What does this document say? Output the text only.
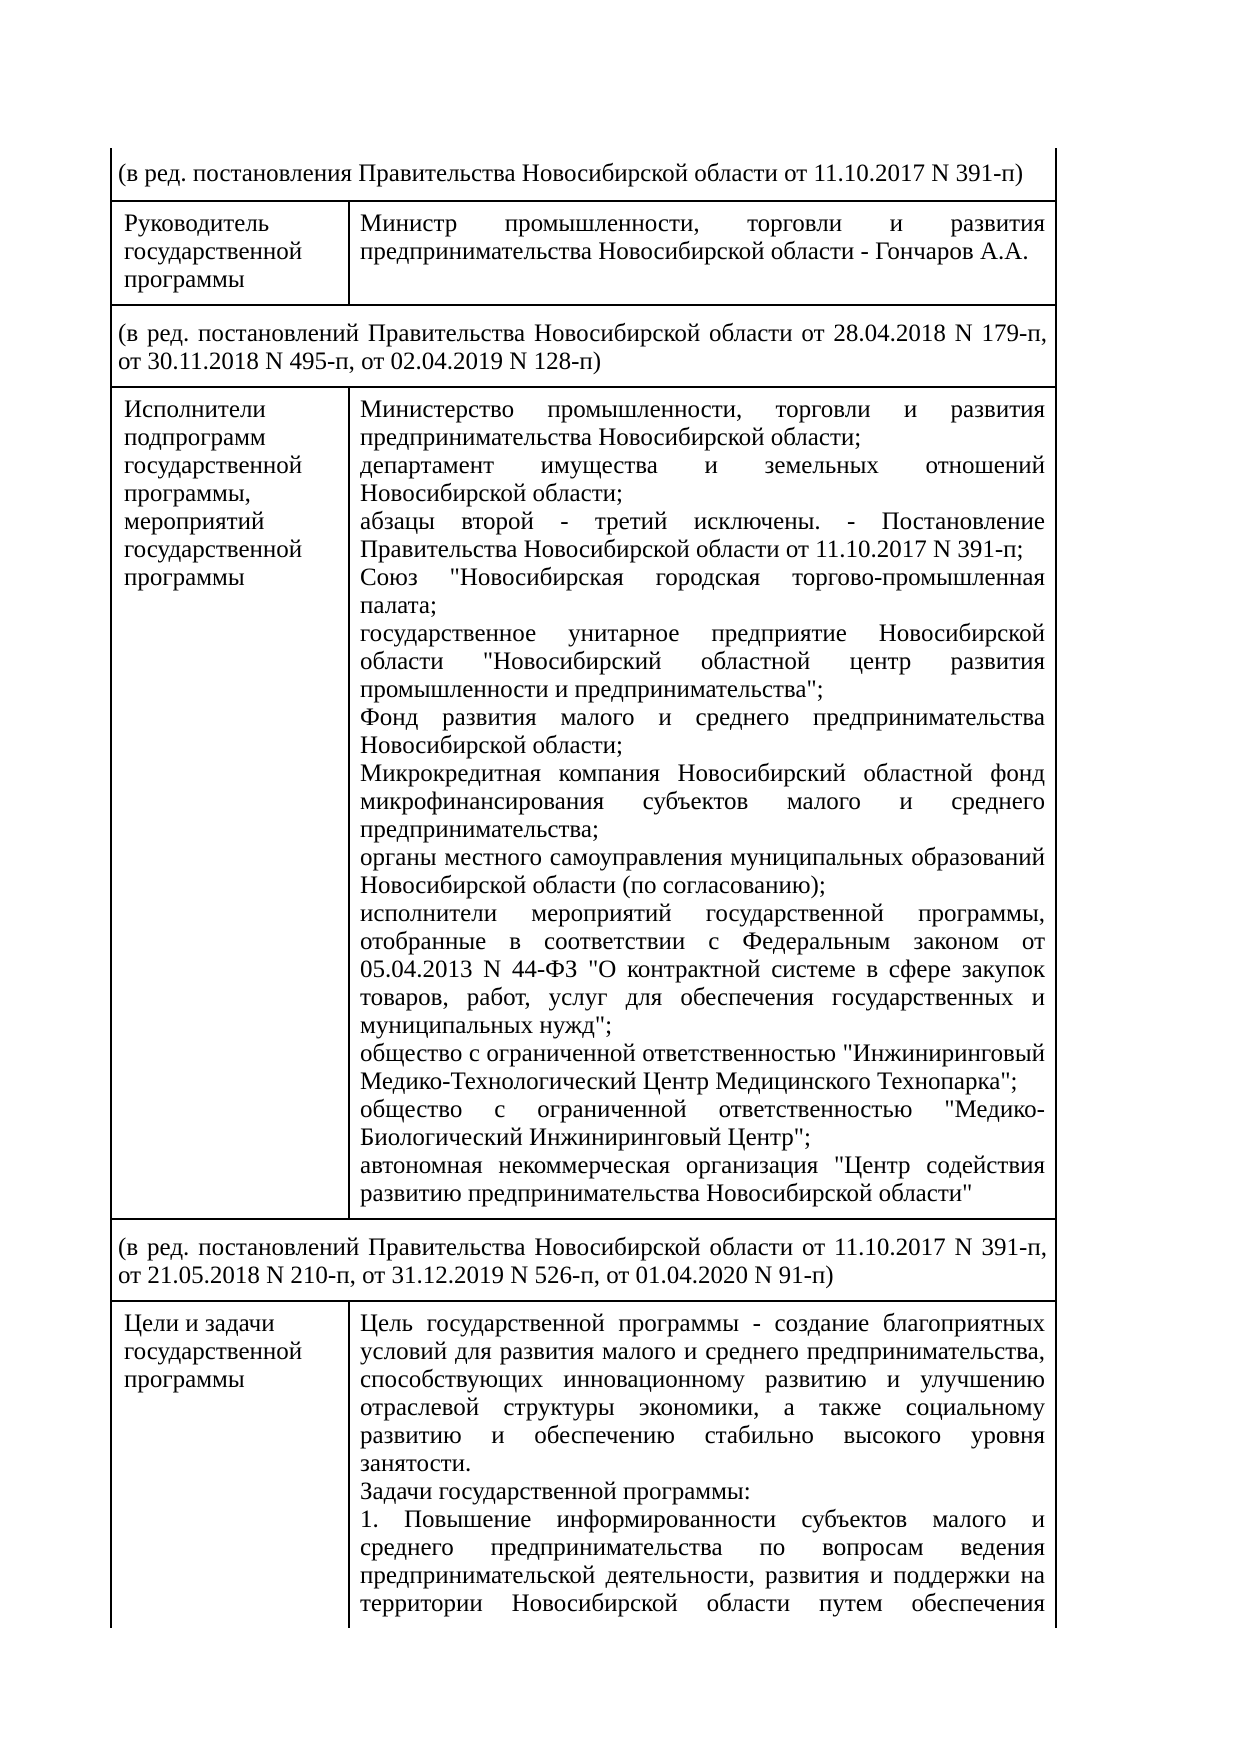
(в ред. постановления Правительства Новосибирской области от 11.10.2017 N 391-п)
Руководитель государственной программы

Министр промышленности, торговли и развития предпринимательства Новосибирской области - Гончаров А.А.

(в ред. постановлений Правительства Новосибирской области от 28.04.2018 N 179-п, от 30.11.2018 N 495-п, от 02.04.2019 N 128-п)
Исполнители подпрограмм государственной программы, мероприятий государственной программы

Министерство промышленности, торговли и развития предпринимательства Новосибирской области;

департамент имущества и земельных отношений Новосибирской области;

абзацы второй - третий исключены. - Постановление Правительства Новосибирской области от 11.10.2017 N 391-п;

Союз "Новосибирская городская торгово-промышленная палата;

государственное унитарное предприятие Новосибирской области "Новосибирский областной центр развития промышленности и предпринимательства";

Фонд развития малого и среднего предпринимательства Новосибирской области;

Микрокредитная компания Новосибирский областной фонд микрофинансирования субъектов малого и среднего предпринимательства;

органы местного самоуправления муниципальных образований Новосибирской области (по согласованию);

исполнители мероприятий государственной программы, отобранные в соответствии с Федеральным законом от 05.04.2013 N 44-ФЗ "О контрактной системе в сфере закупок товаров, работ, услуг для обеспечения государственных и муниципальных нужд";

общество с ограниченной ответственностью "Инжиниринговый Медико-Технологический Центр Медицинского Технопарка";

общество с ограниченной ответственностью "Медико-Биологический Инжиниринговый Центр";

автономная некоммерческая организация "Центр содействия развитию предпринимательства Новосибирской области"

(в ред. постановлений Правительства Новосибирской области от 11.10.2017 N 391-п, от 21.05.2018 N 210-п, от 31.12.2019 N 526-п, от 01.04.2020 N 91-п)
Цели и задачи государственной программы

Цель государственной программы - создание благоприятных условий для развития малого и среднего предпринимательства, способствующих инновационному развитию и улучшению отраслевой структуры экономики, а также социальному развитию и обеспечению стабильно высокого уровня занятости.

Задачи государственной программы:

1. Повышение информированности субъектов малого и среднего предпринимательства по вопросам ведения предпринимательской деятельности, развития и поддержки на территории Новосибирской области путем обеспечения
